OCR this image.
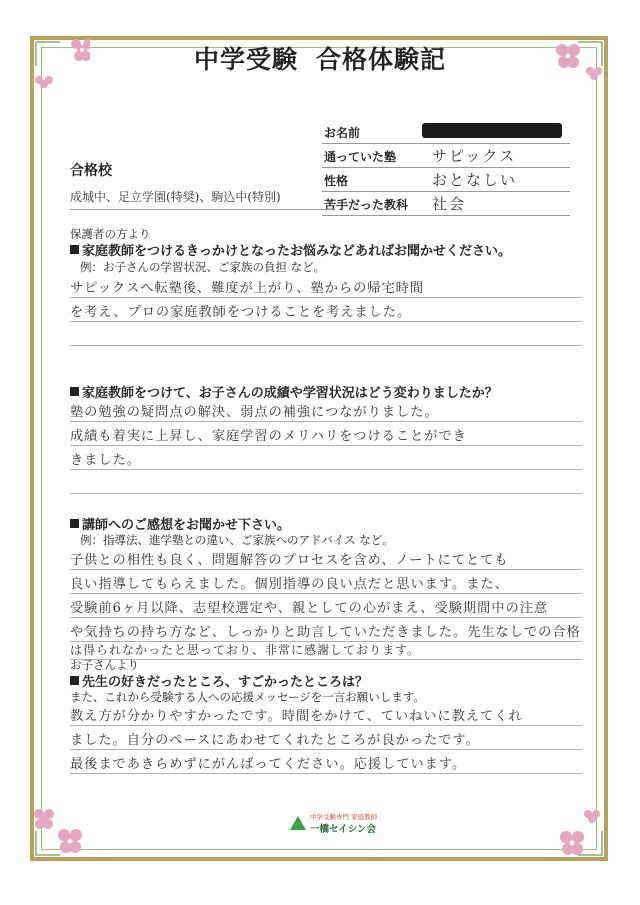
中学受験 合格体験記
お名前
通っていた塾 サピックス
性格	おとなしい
苦手だった教科 社会
合格校
成城中、足立学園(特奨)、駒込中(特別)
保護者の方より
家庭教師をつけるきっかけとなったお悩みなどあればお聞かせください。
例：お子さんの学習状況、ご家族の負担 など。
サピックスへ転塾後、難度が上がり、塾からの帰宅時間
を考え、プロの家庭教師をつけることを考えました。
家庭教師をつけて、お子さんの成績や学習状況はどう変わりましたか？
塾の勉強の疑問点の解決、弱点の補強につながりました。
成績も着実に上昇し、家庭学習のメリハリをつけることができ
きました。
講師へのご感想をお聞かせ下さい。
例：指導法、進学塾との違い、ご家族へのアドバイス など。
子供との相性も良く、問題解答のプロセスを含め、ノートにてとても
良い指導してもらえました。個別指導の良い点だと思います。また、
受験前6ヶ月以降、志望校選定や、親としての心がまえ、受験期間中の注意
や気持ちの持ち方など、しっかりと助言していただきました。先生なしでの合格
は得られなかったと思っており、非常に感謝しております。
お子さんより
先生の好きだったところ、すごかったところは？
また、これから受験する人への応援メッセージを一言お願いします。
教え方が分かりやすかったです。時間をかけて、ていねいに教えてくれ
ました。自分のペースにあわせてくれたところが良かったです。
最後まであきらめずにがんばってください。応援しています。
中学受験専門 家庭教師
一橋セイシン会
